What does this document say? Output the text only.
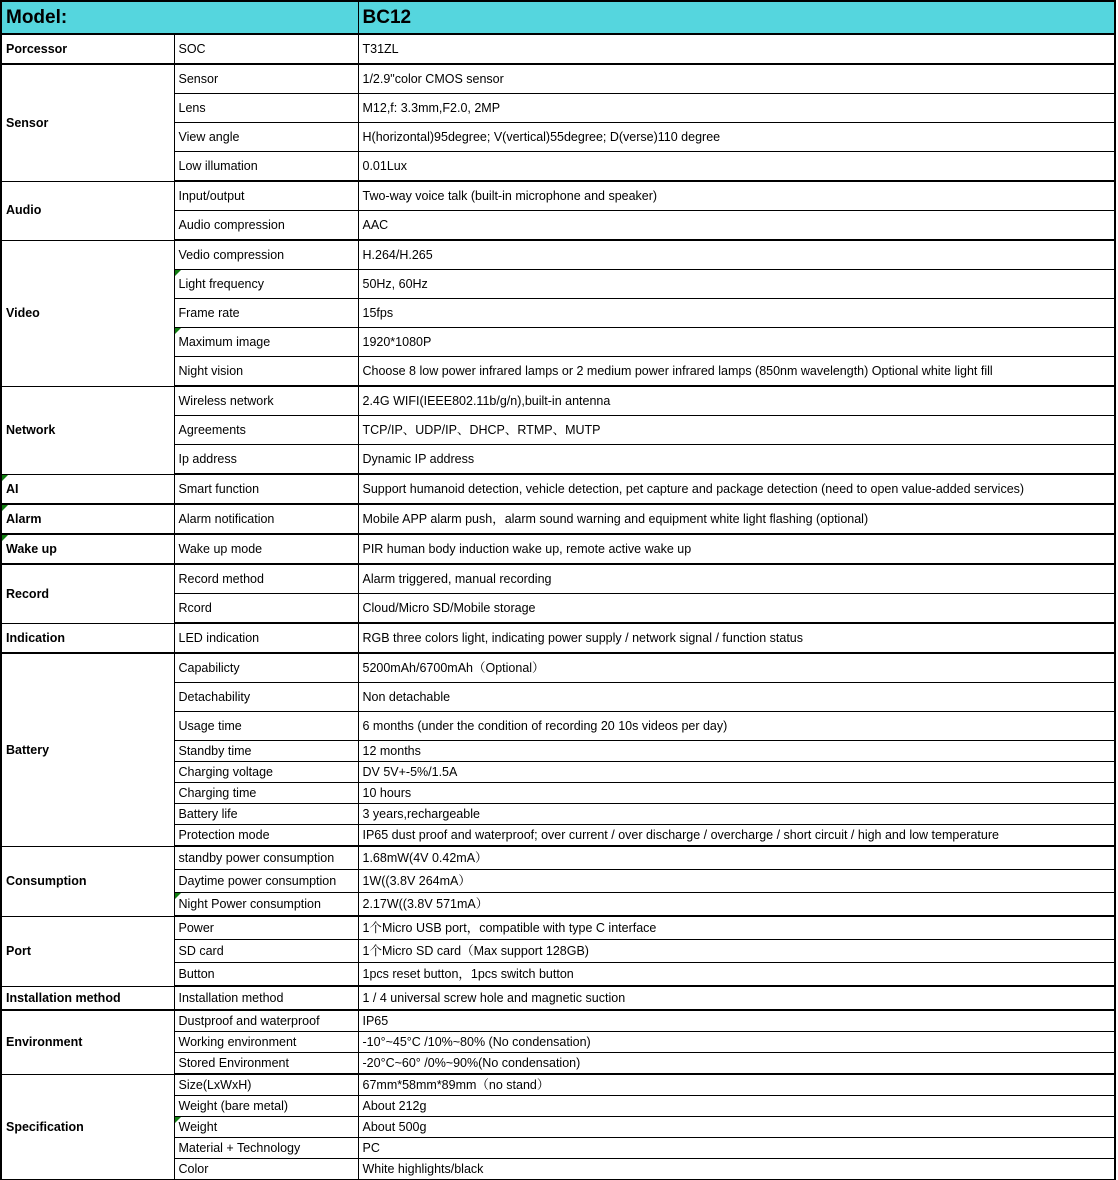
Model:		BC12
Porcessor	SOC	T31ZL
Sensor	Sensor	1/2.9"color CMOS sensor
	Lens	M12,f: 3.3mm,F2.0, 2MP
	View angle	H(horizontal)95degree; V(vertical)55degree; D(verse)110 degree
	Low illumation	0.01Lux
Audio	Input/output	Two-way voice talk (built-in microphone and speaker)
	Audio compression	AAC
Video	Vedio compression	H.264/H.265
	Light frequency	50Hz, 60Hz
	Frame rate	15fps
	Maximum image	1920*1080P
	Night vision	Choose 8 low power infrared lamps or 2 medium power infrared lamps (850nm wavelength) Optional white light fill
Network	Wireless network	2.4G WIFI(IEEE802.11b/g/n),built-in antenna
	Agreements	TCP/IP、UDP/IP、DHCP、RTMP、MUTP
	Ip address	Dynamic IP address
AI	Smart function	Support humanoid detection, vehicle detection, pet capture and package detection (need to open value-added services)
Alarm	Alarm notification	Mobile APP alarm push，alarm sound warning and equipment white light flashing (optional)
Wake up	Wake up mode	PIR human body induction wake up, remote active wake up
Record	Record method	Alarm triggered, manual recording
	Rcord	Cloud/Micro SD/Mobile storage
Indication	LED indication	RGB three colors light, indicating power supply / network signal / function status
Battery	Capabilicty	5200mAh/6700mAh（Optional）
	Detachability	Non detachable
	Usage time	6 months (under the condition of recording 20 10s videos per day)
	Standby time	12 months
	Charging voltage	DV 5V+-5%/1.5A
	Charging time	10 hours
	Battery life	3 years,rechargeable
	Protection mode	IP65 dust proof and waterproof; over current / over discharge / overcharge / short circuit / high and low temperature
Consumption	standby power consumption	1.68mW(4V 0.42mA）
	Daytime power consumption	1W((3.8V 264mA）
	Night Power consumption	2.17W((3.8V 571mA）
Port	Power	1个Micro USB port，compatible with type C interface
	SD card	1个Micro SD card（Max support 128GB)
	Button	1pcs reset button，1pcs switch button
Installation method	Installation method	1 / 4 universal screw hole and magnetic suction
Environment	Dustproof and waterproof	IP65
	Working environment	-10°~45°C /10%~80% (No condensation)
	Stored Environment	-20°C~60° /0%~90%(No condensation)
Specification	Size(LxWxH)	67mm*58mm*89mm（no stand）
	Weight (bare metal)	About 212g
	Weight	About 500g
	Material + Technology	PC
	Color	White highlights/black
